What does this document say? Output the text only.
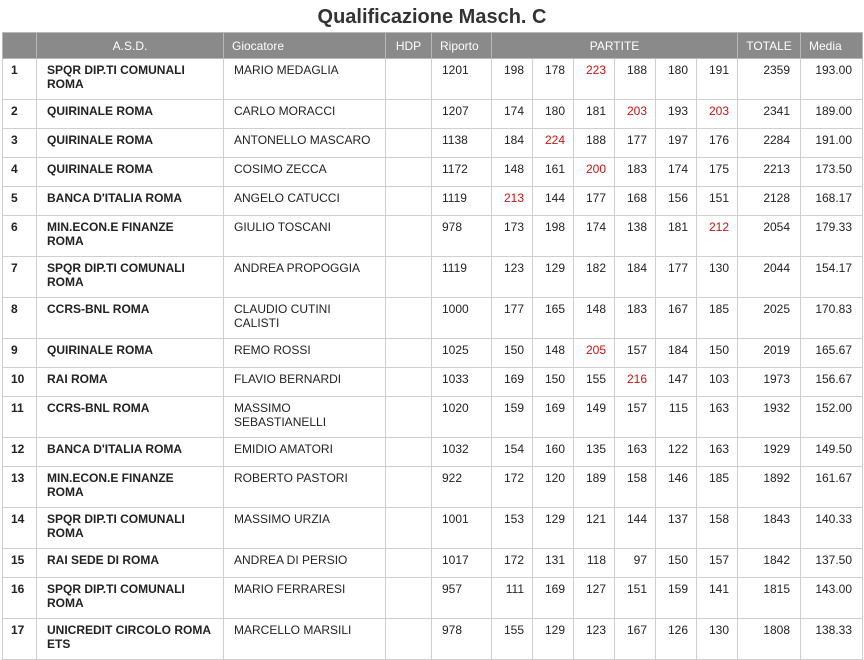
Qualificazione Masch. C
	A.S.D.	Giocatore	HDP	Riporto	PARTITE						TOTALE	Media
1	SPQR DIP.TI COMUNALI ROMA	MARIO MEDAGLIA		1201	198	178	223	188	180	191	2359	193.00
2	QUIRINALE ROMA	CARLO MORACCI		1207	174	180	181	203	193	203	2341	189.00
3	QUIRINALE ROMA	ANTONELLO MASCARO		1138	184	224	188	177	197	176	2284	191.00
4	QUIRINALE ROMA	COSIMO ZECCA		1172	148	161	200	183	174	175	2213	173.50
5	BANCA D'ITALIA ROMA	ANGELO CATUCCI		1119	213	144	177	168	156	151	2128	168.17
6	MIN.ECON.E FINANZE ROMA	GIULIO TOSCANI		978	173	198	174	138	181	212	2054	179.33
7	SPQR DIP.TI COMUNALI ROMA	ANDREA PROPOGGIA		1119	123	129	182	184	177	130	2044	154.17
8	CCRS-BNL ROMA	CLAUDIO CUTINI CALISTI		1000	177	165	148	183	167	185	2025	170.83
9	QUIRINALE ROMA	REMO ROSSI		1025	150	148	205	157	184	150	2019	165.67
10	RAI ROMA	FLAVIO BERNARDI		1033	169	150	155	216	147	103	1973	156.67
11	CCRS-BNL ROMA	MASSIMO SEBASTIANELLI		1020	159	169	149	157	115	163	1932	152.00
12	BANCA D'ITALIA ROMA	EMIDIO AMATORI		1032	154	160	135	163	122	163	1929	149.50
13	MIN.ECON.E FINANZE ROMA	ROBERTO PASTORI		922	172	120	189	158	146	185	1892	161.67
14	SPQR DIP.TI COMUNALI ROMA	MASSIMO URZIA		1001	153	129	121	144	137	158	1843	140.33
15	RAI SEDE DI ROMA	ANDREA DI PERSIO		1017	172	131	118	97	150	157	1842	137.50
16	SPQR DIP.TI COMUNALI ROMA	MARIO FERRARESI		957	111	169	127	151	159	141	1815	143.00
17	UNICREDIT CIRCOLO ROMA ETS	MARCELLO MARSILI		978	155	129	123	167	126	130	1808	138.33
